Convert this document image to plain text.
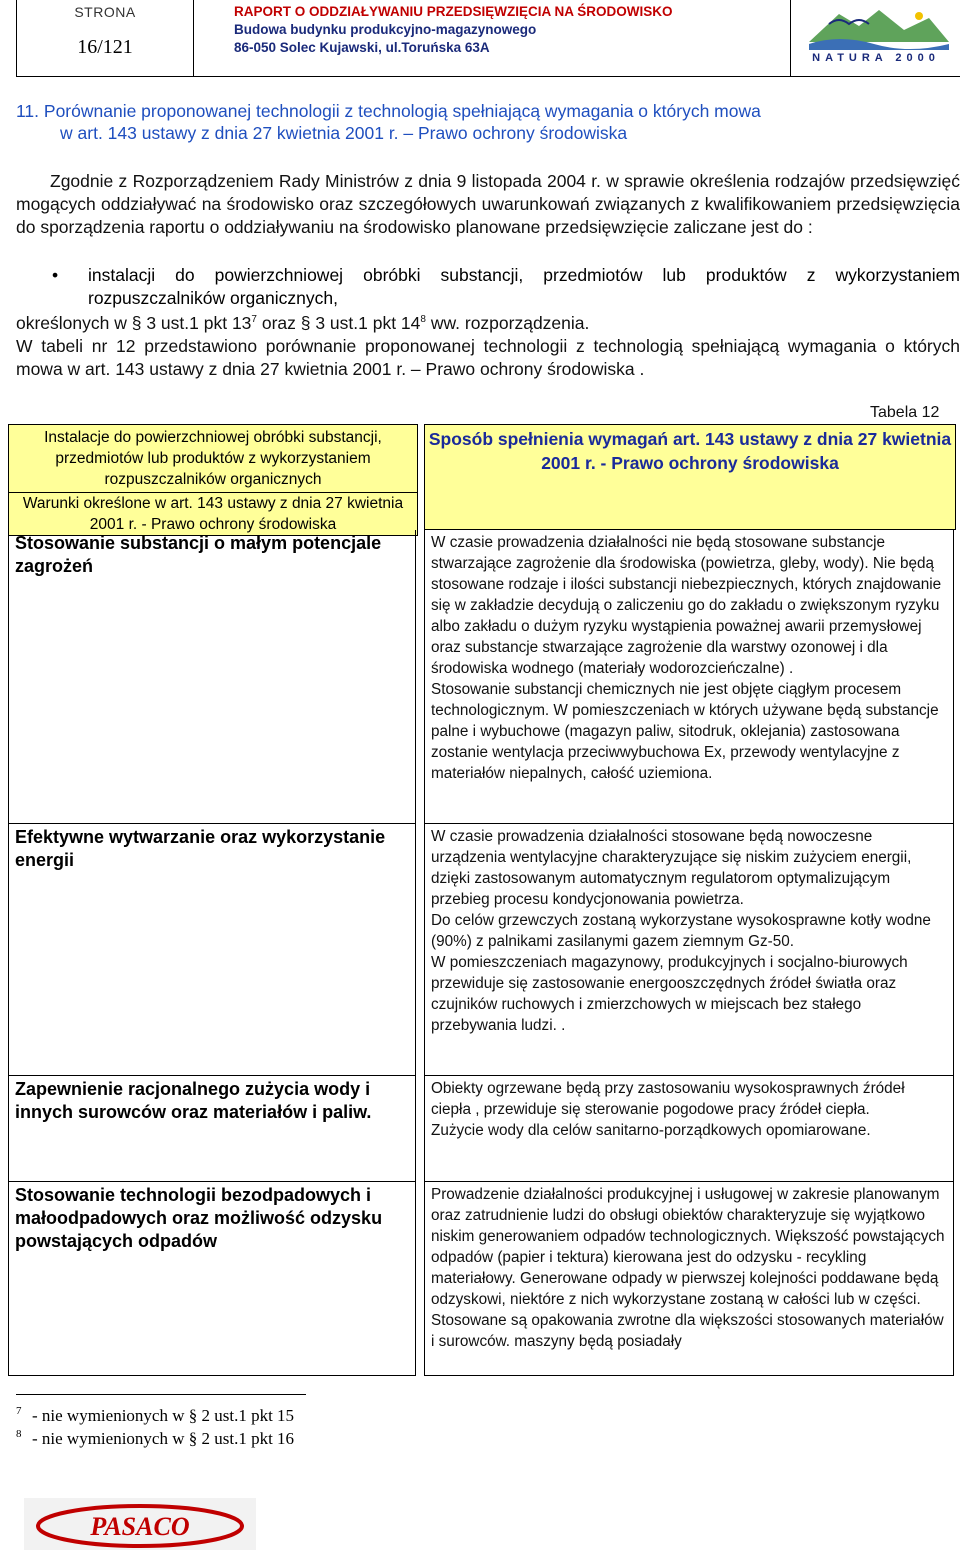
STRONA
16/121
RAPORT O ODDZIAŁYWANIU PRZEDSIĘWZIĘCIA NA ŚRODOWISKO
Budowa budynku produkcyjno-magazynowego
86-050 Solec Kujawski, ul.Toruńska 63A
NATURA 2000
11. Porównanie proponowanej technologii z technologią spełniającą wymagania o których mowa
w art. 143 ustawy z dnia 27 kwietnia 2001 r. – Prawo ochrony środowiska
Zgodnie z Rozporządzeniem Rady Ministrów z dnia 9 listopada 2004 r. w sprawie określenia rodzajów przedsięwzięć mogących oddziaływać na środowisko oraz szczegółowych uwarunkowań związanych z kwalifikowaniem przedsięwzięcia do sporządzenia raportu o oddziaływaniu na środowisko planowane przedsięwzięcie zaliczane jest do :
•	instalacji do powierzchniowej obróbki substancji, przedmiotów lub produktów z wykorzystaniem rozpuszczalników organicznych,
określonych w § 3 ust.1 pkt $13^7$ oraz § 3 ust.1 pkt $14^8$ ww. rozporządzenia.
W tabeli nr 12 przedstawiono porównanie proponowanej technologii z technologią spełniającą wymagania o których mowa w art. 143 ustawy z dnia 27 kwietnia 2001 r. – Prawo ochrony środowiska .
Tabela 12
Instalacje do powierzchniowej obróbki substancji, przedmiotów lub produktów z wykorzystaniem rozpuszczalników organicznych
Warunki określone w art. 143 ustawy z dnia 27 kwietnia 2001 r. - Prawo ochrony środowiska
Sposób spełnienia wymagań art. 143 ustawy z dnia 27 kwietnia 2001 r. - Prawo ochrony środowiska
Stosowanie substancji o małym potencjale zagrożeń

W czasie prowadzenia działalności nie będą stosowane substancje stwarzające zagrożenie dla środowiska (powietrza, gleby, wody). Nie będą stosowane rodzaje i ilości substancji niebezpiecznych, których znajdowanie się w zakładzie decydują o zaliczeniu go do zakładu o zwiększonym ryzyku albo zakładu o dużym ryzyku wystąpienia poważnej awarii przemysłowej oraz substancje stwarzające zagrożenie dla warstwy ozonowej i dla środowiska wodnego (materiały wodorozcieńczalne) .

Stosowanie substancji chemicznych nie jest objęte ciągłym procesem technologicznym. W pomieszczeniach w których używane będą substancje palne i wybuchowe (magazyn paliw, sitodruk, oklejania) zastosowana zostanie wentylacja przeciwwybuchowa Ex, przewody wentylacyjne z materiałów niepalnych, całość uziemiona.

Efektywne wytwarzanie oraz wykorzystanie energii

W czasie prowadzenia działalności stosowane będą nowoczesne urządzenia wentylacyjne charakteryzujące się niskim zużyciem energii, dzięki zastosowanym automatycznym regulatorom optymalizującym przebieg procesu kondycjonowania powietrza.

Do celów grzewczych zostaną wykorzystane wysokosprawne kotły wodne (90%) z palnikami zasilanymi gazem ziemnym Gz-50.

W pomieszczeniach magazynowy, produkcyjnych i socjalno-biurowych przewiduje się zastosowanie energooszczędnych źródeł światła oraz czujników ruchowych i zmierzchowych w miejscach bez stałego przebywania ludzi. .

Zapewnienie racjonalnego zużycia wody i innych surowców oraz materiałów i paliw.

Obiekty ogrzewane będą przy zastosowaniu wysokosprawnych źródeł ciepła , przewiduje się sterowanie pogodowe pracy źródeł ciepła.

Zużycie wody dla celów sanitarno-porządkowych opomiarowane.

Stosowanie technologii bezodpadowych i małoodpadowych oraz możliwość odzysku powstających odpadów

Prowadzenie działalności produkcyjnej i usługowej w zakresie planowanym oraz zatrudnienie ludzi do obsługi obiektów charakteryzuje się wyjątkowo niskim generowaniem odpadów technologicznych. Większość powstających odpadów (papier i tektura) kierowana jest do odzysku - recykling materiałowy. Generowane odpady w pierwszej kolejności poddawane będą odzyskowi, niektóre z nich wykorzystane zostaną w całości lub w części. Stosowane są opakowania zwrotne dla większości stosowanych materiałów i surowców. maszyny będą posiadały

7 - nie wymienionych w § 2 ust.1 pkt 15
8 - nie wymienionych w § 2 ust.1 pkt 16
PASACO
